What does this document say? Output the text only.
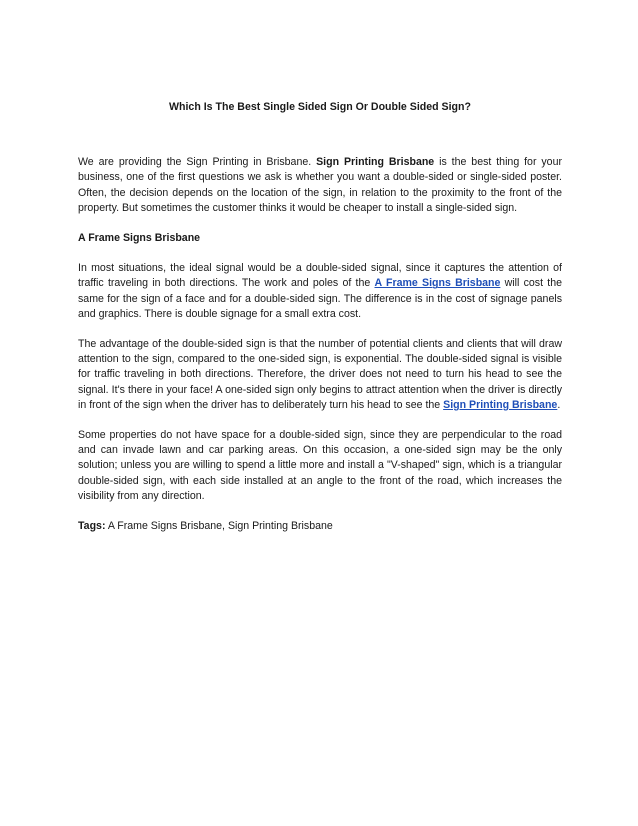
Which Is The Best Single Sided Sign Or Double Sided Sign?

We are providing the Sign Printing in Brisbane. Sign Printing Brisbane is the best thing for your business, one of the first questions we ask is whether you want a double-sided or single-sided poster. Often, the decision depends on the location of the sign, in relation to the proximity to the front of the property. But sometimes the customer thinks it would be cheaper to install a single-sided sign.

A Frame Signs Brisbane

In most situations, the ideal signal would be a double-sided signal, since it captures the attention of traffic traveling in both directions. The work and poles of the A Frame Signs Brisbane will cost the same for the sign of a face and for a double-sided sign. The difference is in the cost of signage panels and graphics. There is double signage for a small extra cost.

The advantage of the double-sided sign is that the number of potential clients and clients that will draw attention to the sign, compared to the one-sided sign, is exponential. The double-sided signal is visible for traffic traveling in both directions. Therefore, the driver does not need to turn his head to see the signal. It's there in your face! A one-sided sign only begins to attract attention when the driver is directly in front of the sign when the driver has to deliberately turn his head to see the Sign Printing Brisbane.

Some properties do not have space for a double-sided sign, since they are perpendicular to the road and can invade lawn and car parking areas. On this occasion, a one-sided sign may be the only solution; unless you are willing to spend a little more and install a "V-shaped" sign, which is a triangular double-sided sign, with each side installed at an angle to the front of the road, which increases the visibility from any direction.

Tags: A Frame Signs Brisbane, Sign Printing Brisbane
